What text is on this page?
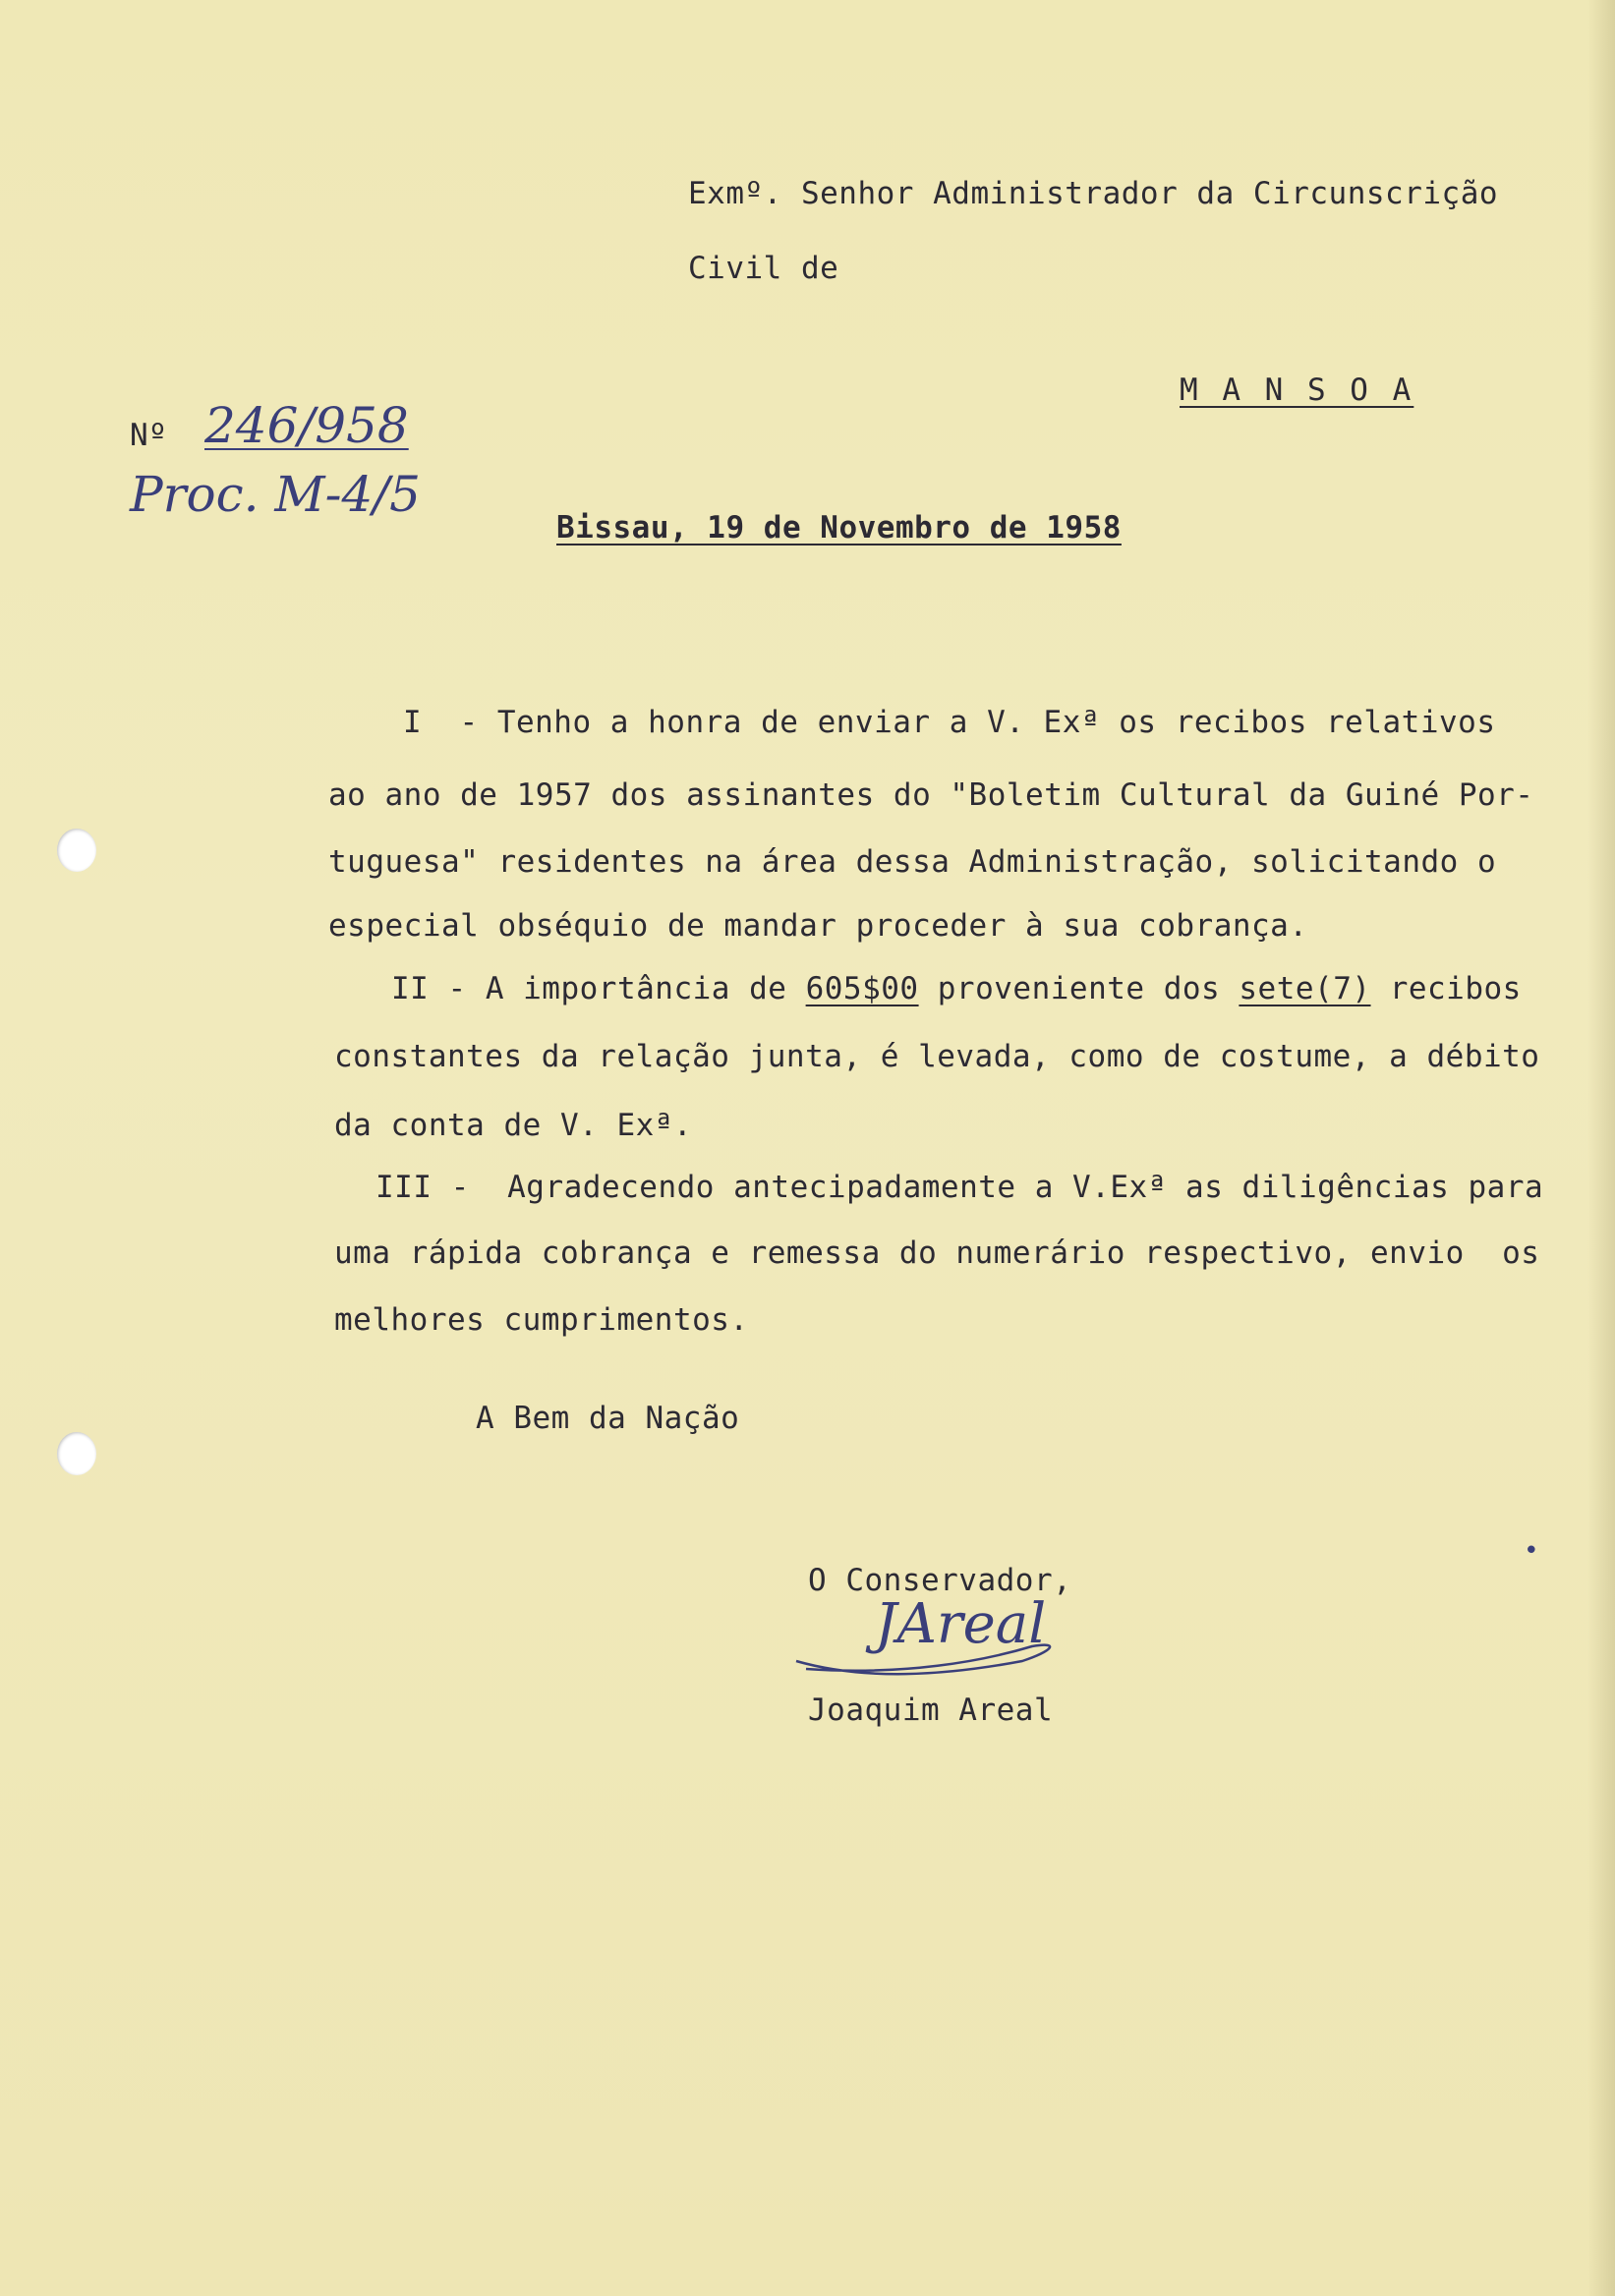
Exmº. Senhor Administrador da Circunscrição
Civil de
M A N S O A
Nº 246/958
Proc. M-4/5
Bissau, 19 de Novembro de 1958
I  - Tenho a honra de enviar a V. Exª os recibos relativos
ao ano de 1957 dos assinantes do "Boletim Cultural da Guiné Por-
tuguesa" residentes na área dessa Administração, solicitando o
especial obséquio de mandar proceder à sua cobrança.
II - A importância de 605$00 proveniente dos sete(7) recibos
constantes da relação junta, é levada, como de costume, a débito
da conta de V. Exª.
III -  Agradecendo antecipadamente a V.Exª as diligências para
uma rápida cobrança e remessa do numerário respectivo, envio  os
melhores cumprimentos.
A Bem da Nação
O Conservador,
JAreal
Joaquim Areal
•
